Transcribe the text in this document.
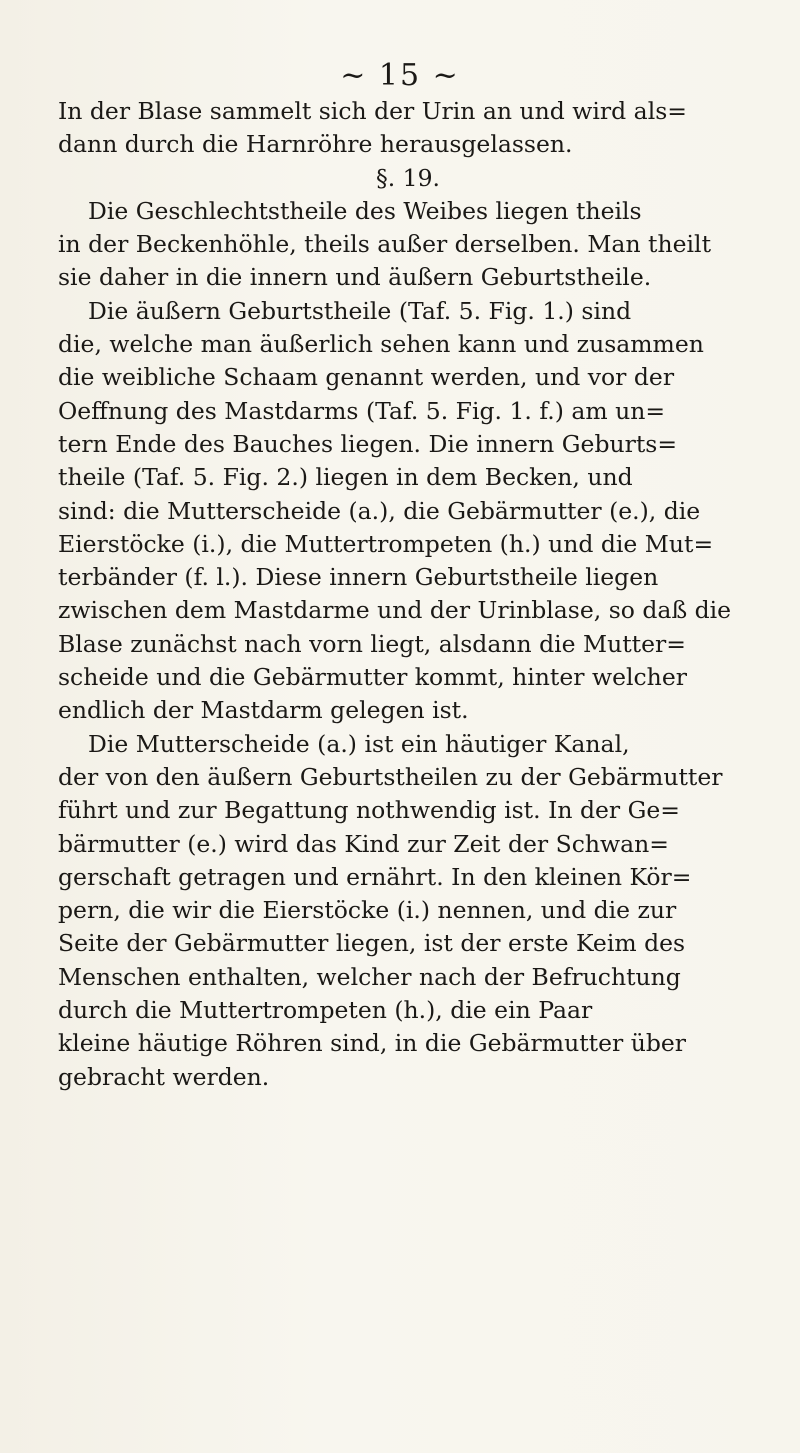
~ 15 ~
In der Blase sammelt sich der Urin an und wird als=
dann durch die Harnröhre herausgelassen.
§. 19.
Die Geschlechtstheile des Weibes liegen theils
in der Beckenhöhle, theils außer derselben. Man theilt
sie daher in die innern und äußern Geburtstheile.
Die äußern Geburtstheile (Taf. 5. Fig. 1.) sind
die, welche man äußerlich sehen kann und zusammen
die weibliche Schaam genannt werden, und vor der
Oeffnung des Mastdarms (Taf. 5. Fig. 1. f.) am un=
tern Ende des Bauches liegen. Die innern Geburts=
theile (Taf. 5. Fig. 2.) liegen in dem Becken, und
sind: die Mutterscheide (a.), die Gebärmutter (e.), die
Eierstöcke (i.), die Muttertrompeten (h.) und die Mut=
terbänder (f. l.). Diese innern Geburtstheile liegen
zwischen dem Mastdarme und der Urinblase, so daß die
Blase zunächst nach vorn liegt, alsdann die Mutter=
scheide und die Gebärmutter kommt, hinter welcher
endlich der Mastdarm gelegen ist.
Die Mutterscheide (a.) ist ein häutiger Kanal,
der von den äußern Geburtstheilen zu der Gebärmutter
führt und zur Begattung nothwendig ist. In der Ge=
bärmutter (e.) wird das Kind zur Zeit der Schwan=
gerschaft getragen und ernährt. In den kleinen Kör=
pern, die wir die Eierstöcke (i.) nennen, und die zur
Seite der Gebärmutter liegen, ist der erste Keim des
Menschen enthalten, welcher nach der Befruchtung
durch die Muttertrompeten (h.), die ein Paar
kleine häutige Röhren sind, in die Gebärmutter über
gebracht werden.
